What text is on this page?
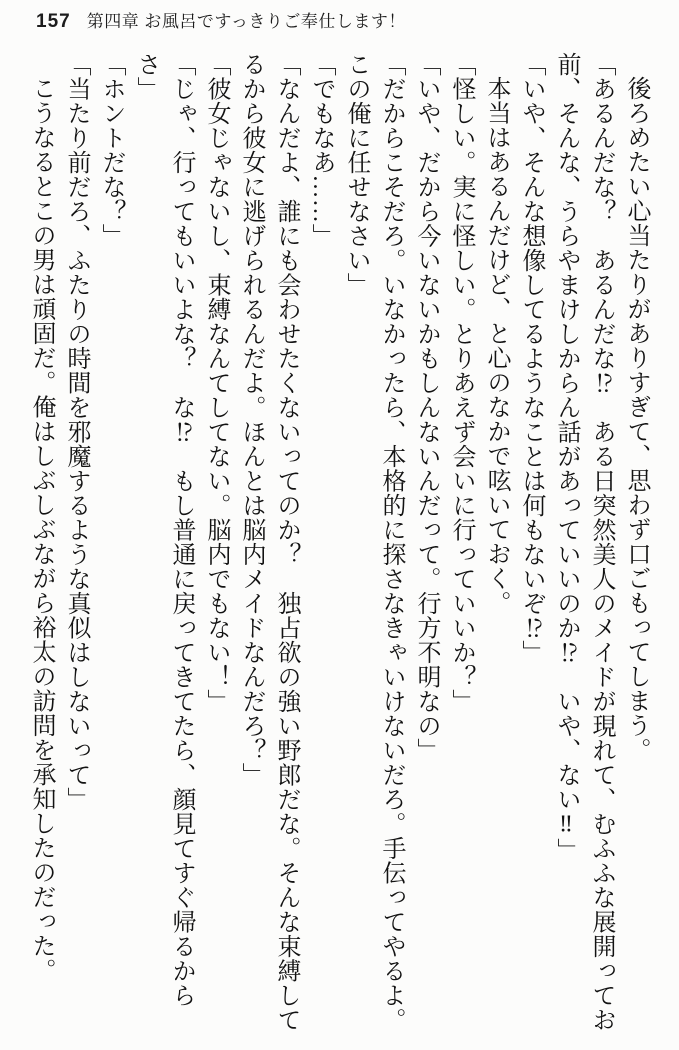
157 第四章 お風呂ですっきりご奉仕します！

後ろめたい心当たりがありすぎて、思わず口ごもってしまう。

「あるんだな？　あるんだな⁉　ある日突然美人のメイドが現れて、むふふな展開ってお前、そんな、うらやまけしからん話があっていいのか⁉　いや、ない‼」

「いや、そんな想像してるようなことは何もないぞ⁉」

本当はあるんだけど、と心のなかで呟いておく。

「怪しい。実に怪しい。とりあえず会いに行っていいか？」

「いや、だから今いないかもしんないんだって。行方不明なの」

「だからこそだろ。いなかったら、本格的に探さなきゃいけないだろ。手伝ってやるよ。この俺に任せなさい」

「でもなあ……」

「なんだよ、誰にも会わせたくないってのか？　独占欲の強い野郎だな。そんな束縛してるから彼女に逃げられるんだよ。ほんとは脳内メイドなんだろ？」

「彼女じゃないし、束縛なんてしてない。脳内でもない！」

「じゃ、行ってもいいよな？　な⁉　もし普通に戻ってきてたら、顔見てすぐ帰るからさ」

「ホントだな？」

「当たり前だろ、ふたりの時間を邪魔するような真似はしないって」

こうなるとこの男は頑固だ。俺はしぶしぶながら裕太の訪問を承知したのだった。
